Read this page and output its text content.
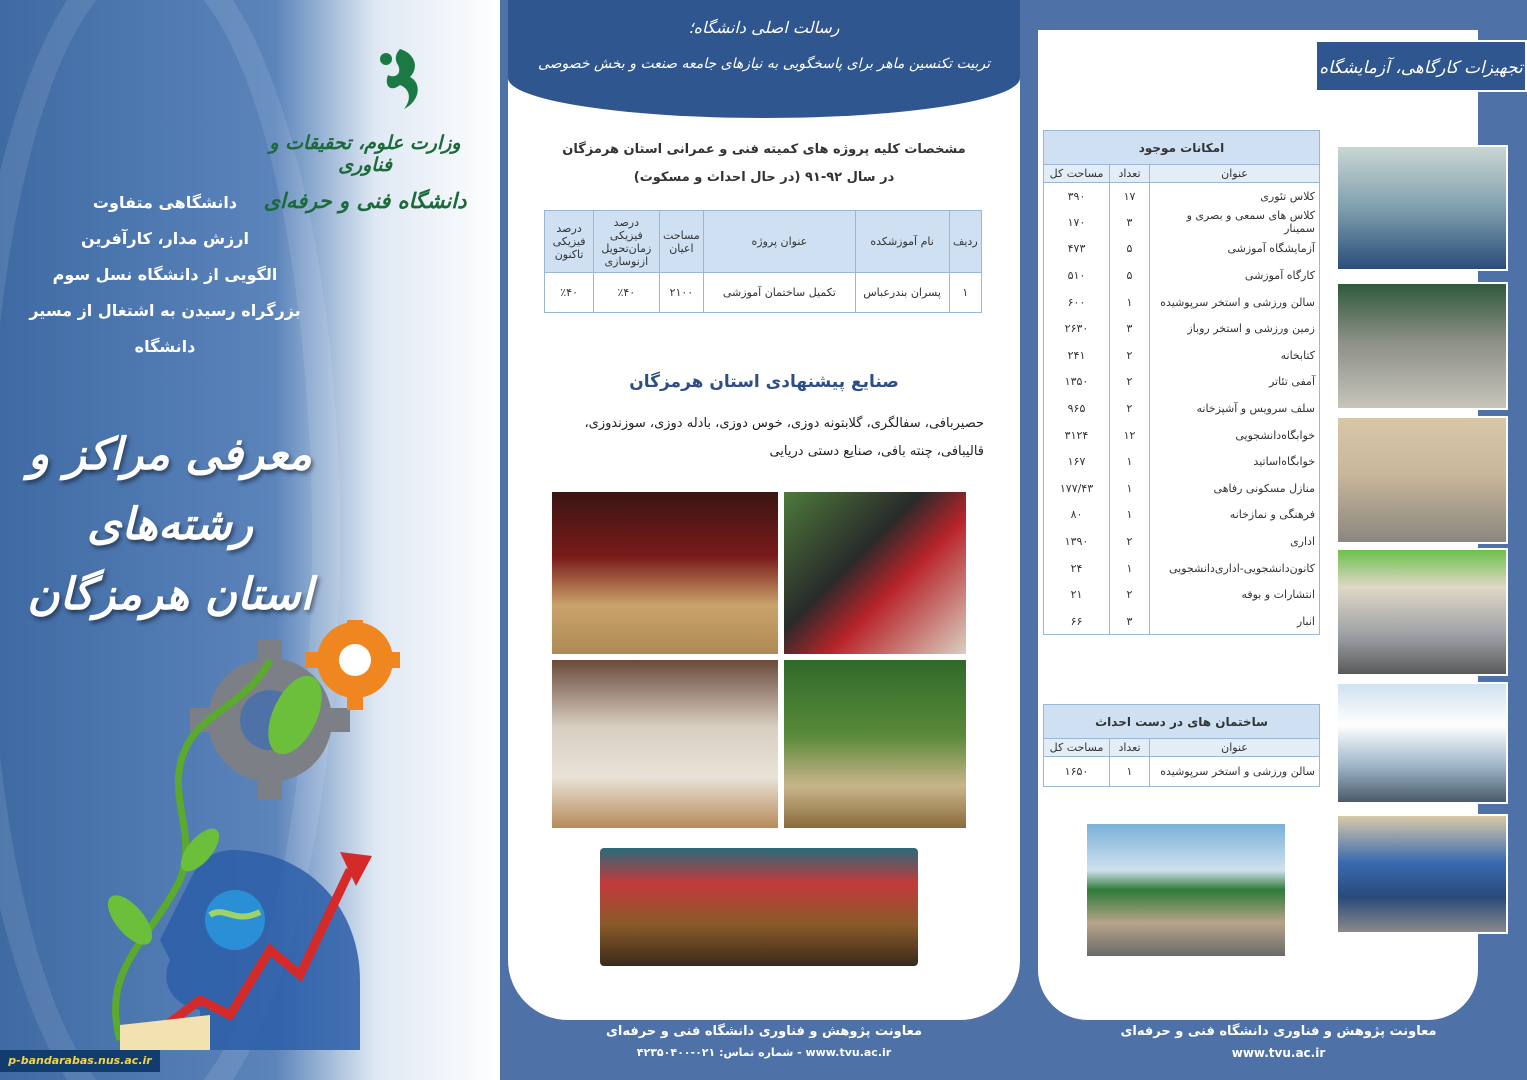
وزارت علوم، تحقیقات و فناوری
دانشگاه فنی و حرفه‌ای
دانشگاهی متفاوت
ارزش مدار، کارآفرین
الگویی از دانشگاه نسل سوم
بزرگراه رسیدن به اشتغال از مسیر دانشگاه
معرفی مراکز و رشته‌های
استان هرمزگان
p-bandarabas.nus.ac.ir
رسالت اصلی دانشگاه؛
تربیت تکنسین ماهر برای پاسخگویی به نیازهای جامعه صنعت و بخش خصوصی
مشخصات کلیه پروژه های کمیته فنی و عمرانی استان هرمزگان
در سال ۹۲-۹۱ (در حال احداث و مسکوت)
ردیف	نام آموزشکده	عنوان پروژه	مساحت اعیان	درصد فیزیکی زمان‌تحویل ازنوسازی	درصد فیزیکی تاکنون
۱	پسران بندرعباس	تکمیل ساختمان آموزشی	۲۱۰۰	٪۴۰	٪۴۰
صنایع پیشنهادی استان هرمزگان
حصیربافی، سفالگری، گلابتونه دوزی، خوس دوزی، بادله دوزی، سوزندوزی، قالیبافی، چنته بافی، صنایع دستی دریایی
معاونت پژوهش و فناوری دانشگاه فنی و حرفه‌ای
www.tvu.ac.ir - شماره تماس: ۰۲۱-۴۲۳۵۰۴۰۰
تجهیزات کارگاهی، آزمایشگاه
امکانات موجود		
عنوان	تعداد	مساحت کل
کلاس تئوری	۱۷	۳۹۰
کلاس های سمعی و بصری و سمینار	۳	۱۷۰
آزمایشگاه آموزشی	۵	۴۷۳
کارگاه آموزشی	۵	۵۱۰
سالن ورزشی و استخر سرپوشیده	۱	۶۰۰
زمین ورزشی و استخر روباز	۳	۲۶۳۰
کتابخانه	۲	۲۴۱
آمفی تئاتر	۲	۱۳۵۰
سلف سرویس و آشپزخانه	۲	۹۶۵
خوابگاه‌دانشجویی	۱۲	۳۱۲۴
خوابگاه‌اساتید	۱	۱۶۷
منازل مسکونی رفاهی	۱	۱۷۷/۴۳
فرهنگی و نمازخانه	۱	۸۰
اداری	۲	۱۳۹۰
کانون‌دانشجویی-اداری‌دانشجویی	۱	۲۴
انتشارات و بوفه	۲	۲۱
انبار	۳	۶۶
ساختمان های در دست احداث		
عنوان	تعداد	مساحت کل
سالن ورزشی و استخر سرپوشیده	۱	۱۶۵۰
معاونت پژوهش و فناوری دانشگاه فنی و حرفه‌ای
www.tvu.ac.ir
